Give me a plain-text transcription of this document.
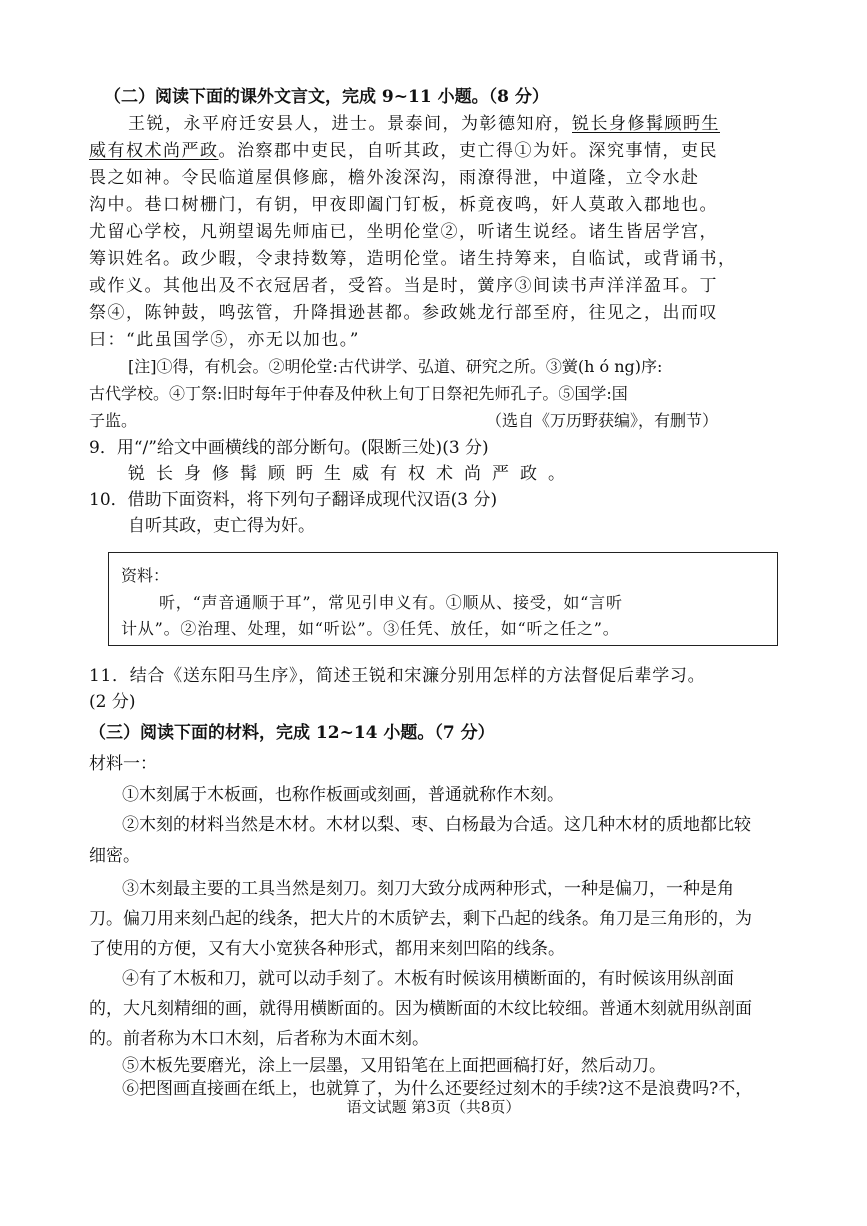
（二）阅读下面的课外文言文，完成 9~11 小题。（8 分）
王锐，永平府迁安县人，进士。景泰间，为彰德知府，锐长身修髯顾眄生
威有权术尚严政。治察郡中吏民，自听其政，吏亡得①为奸。深究事情，吏民
畏之如神。令民临道屋俱修廊，檐外浚深沟，雨潦得泄，中道隆，立令水赴
沟中。巷口树栅门，有钥，甲夜即阖门钉板，柝竟夜鸣，奸人莫敢入郡地也。
尤留心学校，凡朔望谒先师庙已，坐明伦堂②，听诸生说经。诸生皆居学宫，
筹识姓名。政少暇，令隶持数筹，造明伦堂。诸生持筹来，自临试，或背诵书，
或作义。其他出及不衣冠居者，受笞。当是时，黉序③间读书声洋洋盈耳。丁
祭④，陈钟鼓，鸣弦管，升降揖逊甚都。参政姚龙行部至府，往见之，出而叹
曰：“此虽国学⑤，亦无以加也。”
[注]①得，有机会。②明伦堂:古代讲学、弘道、研究之所。③黉(h ó ng)序:
古代学校。④丁祭:旧时每年于仲春及仲秋上旬丁日祭祀先师孔子。⑤国学:国
子监。	（选自《万历野获编》，有删节）
9．用“/”给文中画横线的部分断句。(限断三处)(3 分)
锐长身修髯顾眄生威有权术尚严政。
10．借助下面资料，将下列句子翻译成现代汉语(3 分)
自听其政，吏亡得为奸。
资料：
听，“声音通顺于耳”，常见引申义有。①顺从、接受，如“言听
计从”。②治理、处理，如“听讼”。③任凭、放任，如“听之任之”。
11．结合《送东阳马生序》，简述王锐和宋濂分别用怎样的方法督促后辈学习。
(2 分)
（三）阅读下面的材料，完成 12~14 小题。（7 分）
材料一：
①木刻属于木板画，也称作板画或刻画，普通就称作木刻。
②木刻的材料当然是木材。木材以梨、枣、白杨最为合适。这几种木材的质地都比较
细密。
③木刻最主要的工具当然是刻刀。刻刀大致分成两种形式，一种是偏刀，一种是角
刀。偏刀用来刻凸起的线条，把大片的木质铲去，剩下凸起的线条。角刀是三角形的，为
了使用的方便，又有大小宽狭各种形式，都用来刻凹陷的线条。
④有了木板和刀，就可以动手刻了。木板有时候该用横断面的，有时候该用纵剖面
的，大凡刻精细的画，就得用横断面的。因为横断面的木纹比较细。普通木刻就用纵剖面
的。前者称为木口木刻，后者称为木面木刻。
⑤木板先要磨光，涂上一层墨，又用铅笔在上面把画稿打好，然后动刀。
⑥把图画直接画在纸上，也就算了，为什么还要经过刻木的手续?这不是浪费吗?不，
语文试题 第3页（共8页）
